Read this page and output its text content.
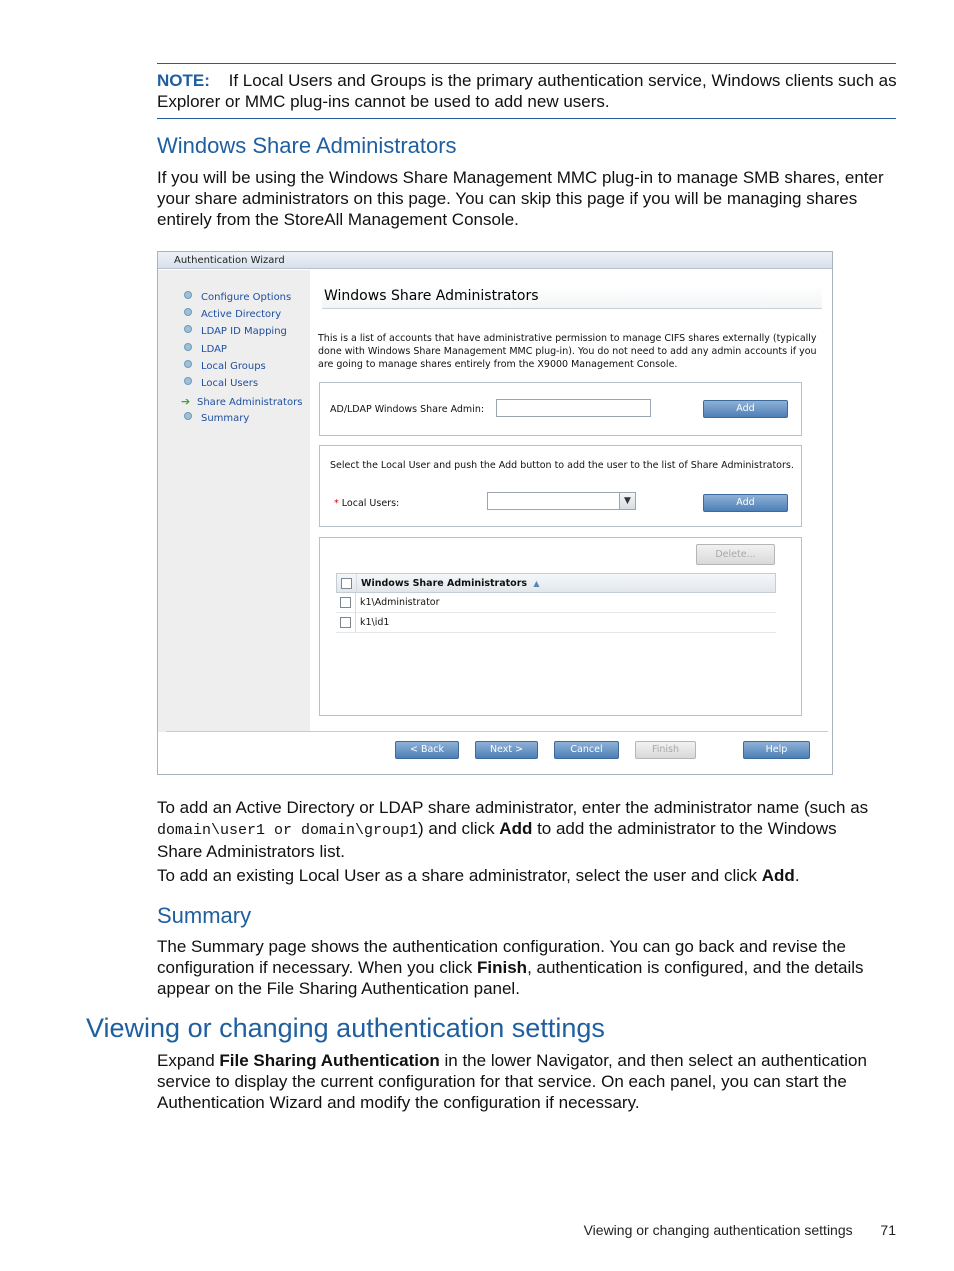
NOTE: If Local Users and Groups is the primary authentication service, Windows clients such as Explorer or MMC plug-ins cannot be used to add new users.
Windows Share Administrators
If you will be using the Windows Share Management MMC plug-in to manage SMB shares, enter
your share administrators on this page. You can skip this page if you will be managing shares
entirely from the StoreAll Management Console.
Authentication Wizard
Configure Options
Active Directory
LDAP ID Mapping
LDAP
Local Groups
Local Users
➔ Share Administrators
Summary
Windows Share Administrators
This is a list of accounts that have administrative permission to manage CIFS shares externally (typically done with Windows Share Management MMC plug-in). You do not need to add any admin accounts if you are going to manage shares entirely from the X9000 Management Console.
AD/LDAP Windows Share Admin:	Add
Select the Local User and push the Add button to add the user to the list of Share Administrators.
* Local Users:	▼	Add
Delete...
Windows Share Administrators ▲
k1\Administrator
k1\id1
< Back	Next >	Cancel	Finish	Help
To add an Active Directory or LDAP share administrator, enter the administrator name (such as
domain\user1 or domain\group1) and click Add to add the administrator to the Windows
Share Administrators list.
To add an existing Local User as a share administrator, select the user and click Add.
Summary
The Summary page shows the authentication configuration. You can go back and revise the
configuration if necessary. When you click Finish, authentication is configured, and the details
appear on the File Sharing Authentication panel.
Viewing or changing authentication settings
Expand File Sharing Authentication in the lower Navigator, and then select an authentication
service to display the current configuration for that service. On each panel, you can start the
Authentication Wizard and modify the configuration if necessary.
Viewing or changing authentication settings 71
